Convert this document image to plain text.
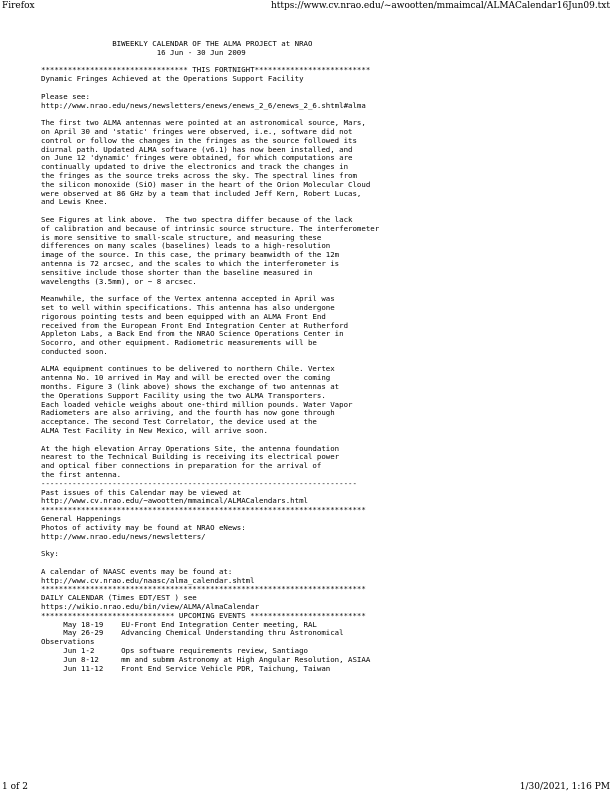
Firefox	https://www.cv.nrao.edu/~awootten/mmaimcal/ALMACalendar16Jun09.txt
BIWEEKLY CALENDAR OF THE ALMA PROJECT at NRAO
16 Jun - 30 Jun 2009
********************************* THIS FORTNIGHT**************************
Dynamic Fringes Achieved at the Operations Support Facility
Please see:
http://www.nrao.edu/news/newsletters/enews/enews_2_6/enews_2_6.shtml#alma
The first two ALMA antennas were pointed at an astronomical source, Mars,
on April 30 and 'static' fringes were observed, i.e., software did not
control or follow the changes in the fringes as the source followed its
diurnal path. Updated ALMA software (v6.1) has now been installed, and
on June 12 'dynamic' fringes were obtained, for which computations are
continually updated to drive the electronics and track the changes in
the fringes as the source treks across the sky. The spectral lines from
the silicon monoxide (SiO) maser in the heart of the Orion Molecular Cloud
were observed at 86 GHz by a team that included Jeff Kern, Robert Lucas,
and Lewis Knee.
See Figures at link above.  The two spectra differ because of the lack
of calibration and because of intrinsic source structure. The interferometer
is more sensitive to small-scale structure, and measuring these
differences on many scales (baselines) leads to a high-resolution
image of the source. In this case, the primary beamwidth of the 12m
antenna is 72 arcsec, and the scales to which the interferometer is
sensitive include those shorter than the baseline measured in
wavelengths (3.5mm), or ~ 8 arcsec.
Meanwhile, the surface of the Vertex antenna accepted in April was
set to well within specifications. This antenna has also undergone
rigorous pointing tests and been equipped with an ALMA Front End
received from the European Front End Integration Center at Rutherford
Appleton Labs, a Back End from the NRAO Science Operations Center in
Socorro, and other equipment. Radiometric measurements will be
conducted soon.
ALMA equipment continues to be delivered to northern Chile. Vertex
antenna No. 10 arrived in May and will be erected over the coming
months. Figure 3 (link above) shows the exchange of two antennas at
the Operations Support Facility using the two ALMA Transporters.
Each loaded vehicle weighs about one-third million pounds. Water Vapor
Radiometers are also arriving, and the fourth has now gone through
acceptance. The second Test Correlator, the device used at the
ALMA Test Facility in New Mexico, will arrive soon.
At the high elevation Array Operations Site, the antenna foundation
nearest to the Technical Building is receiving its electrical power
and optical fiber connections in preparation for the arrival of
the first antenna.
-----------------------------------------------------------------------
Past issues of this Calendar may be viewed at
http://www.cv.nrao.edu/~awootten/mmaimcal/ALMACalendars.html
*************************************************************************
General Happenings
Photos of activity may be found at NRAO eNews:
http://www.nrao.edu/news/newsletters/
Sky:
A calendar of NAASC events may be found at:
http://www.cv.nrao.edu/naasc/alma_calendar.shtml
*************************************************************************
DAILY CALENDAR (Times EDT/EST ) see
https://wikio.nrao.edu/bin/view/ALMA/AlmaCalendar
****************************** UPCOMING EVENTS **************************
May 18-19    EU-Front End Integration Center meeting, RAL
May 26-29    Advancing Chemical Understanding thru Astronomical
Observations
Jun 1-2      Ops software requirements review, Santiago
Jun 8-12     mm and submm Astronomy at High Angular Resolution, ASIAA
Jun 11-12    Front End Service Vehicle PDR, Taichung, Taiwan
1 of 2	1/30/2021, 1:16 PM
